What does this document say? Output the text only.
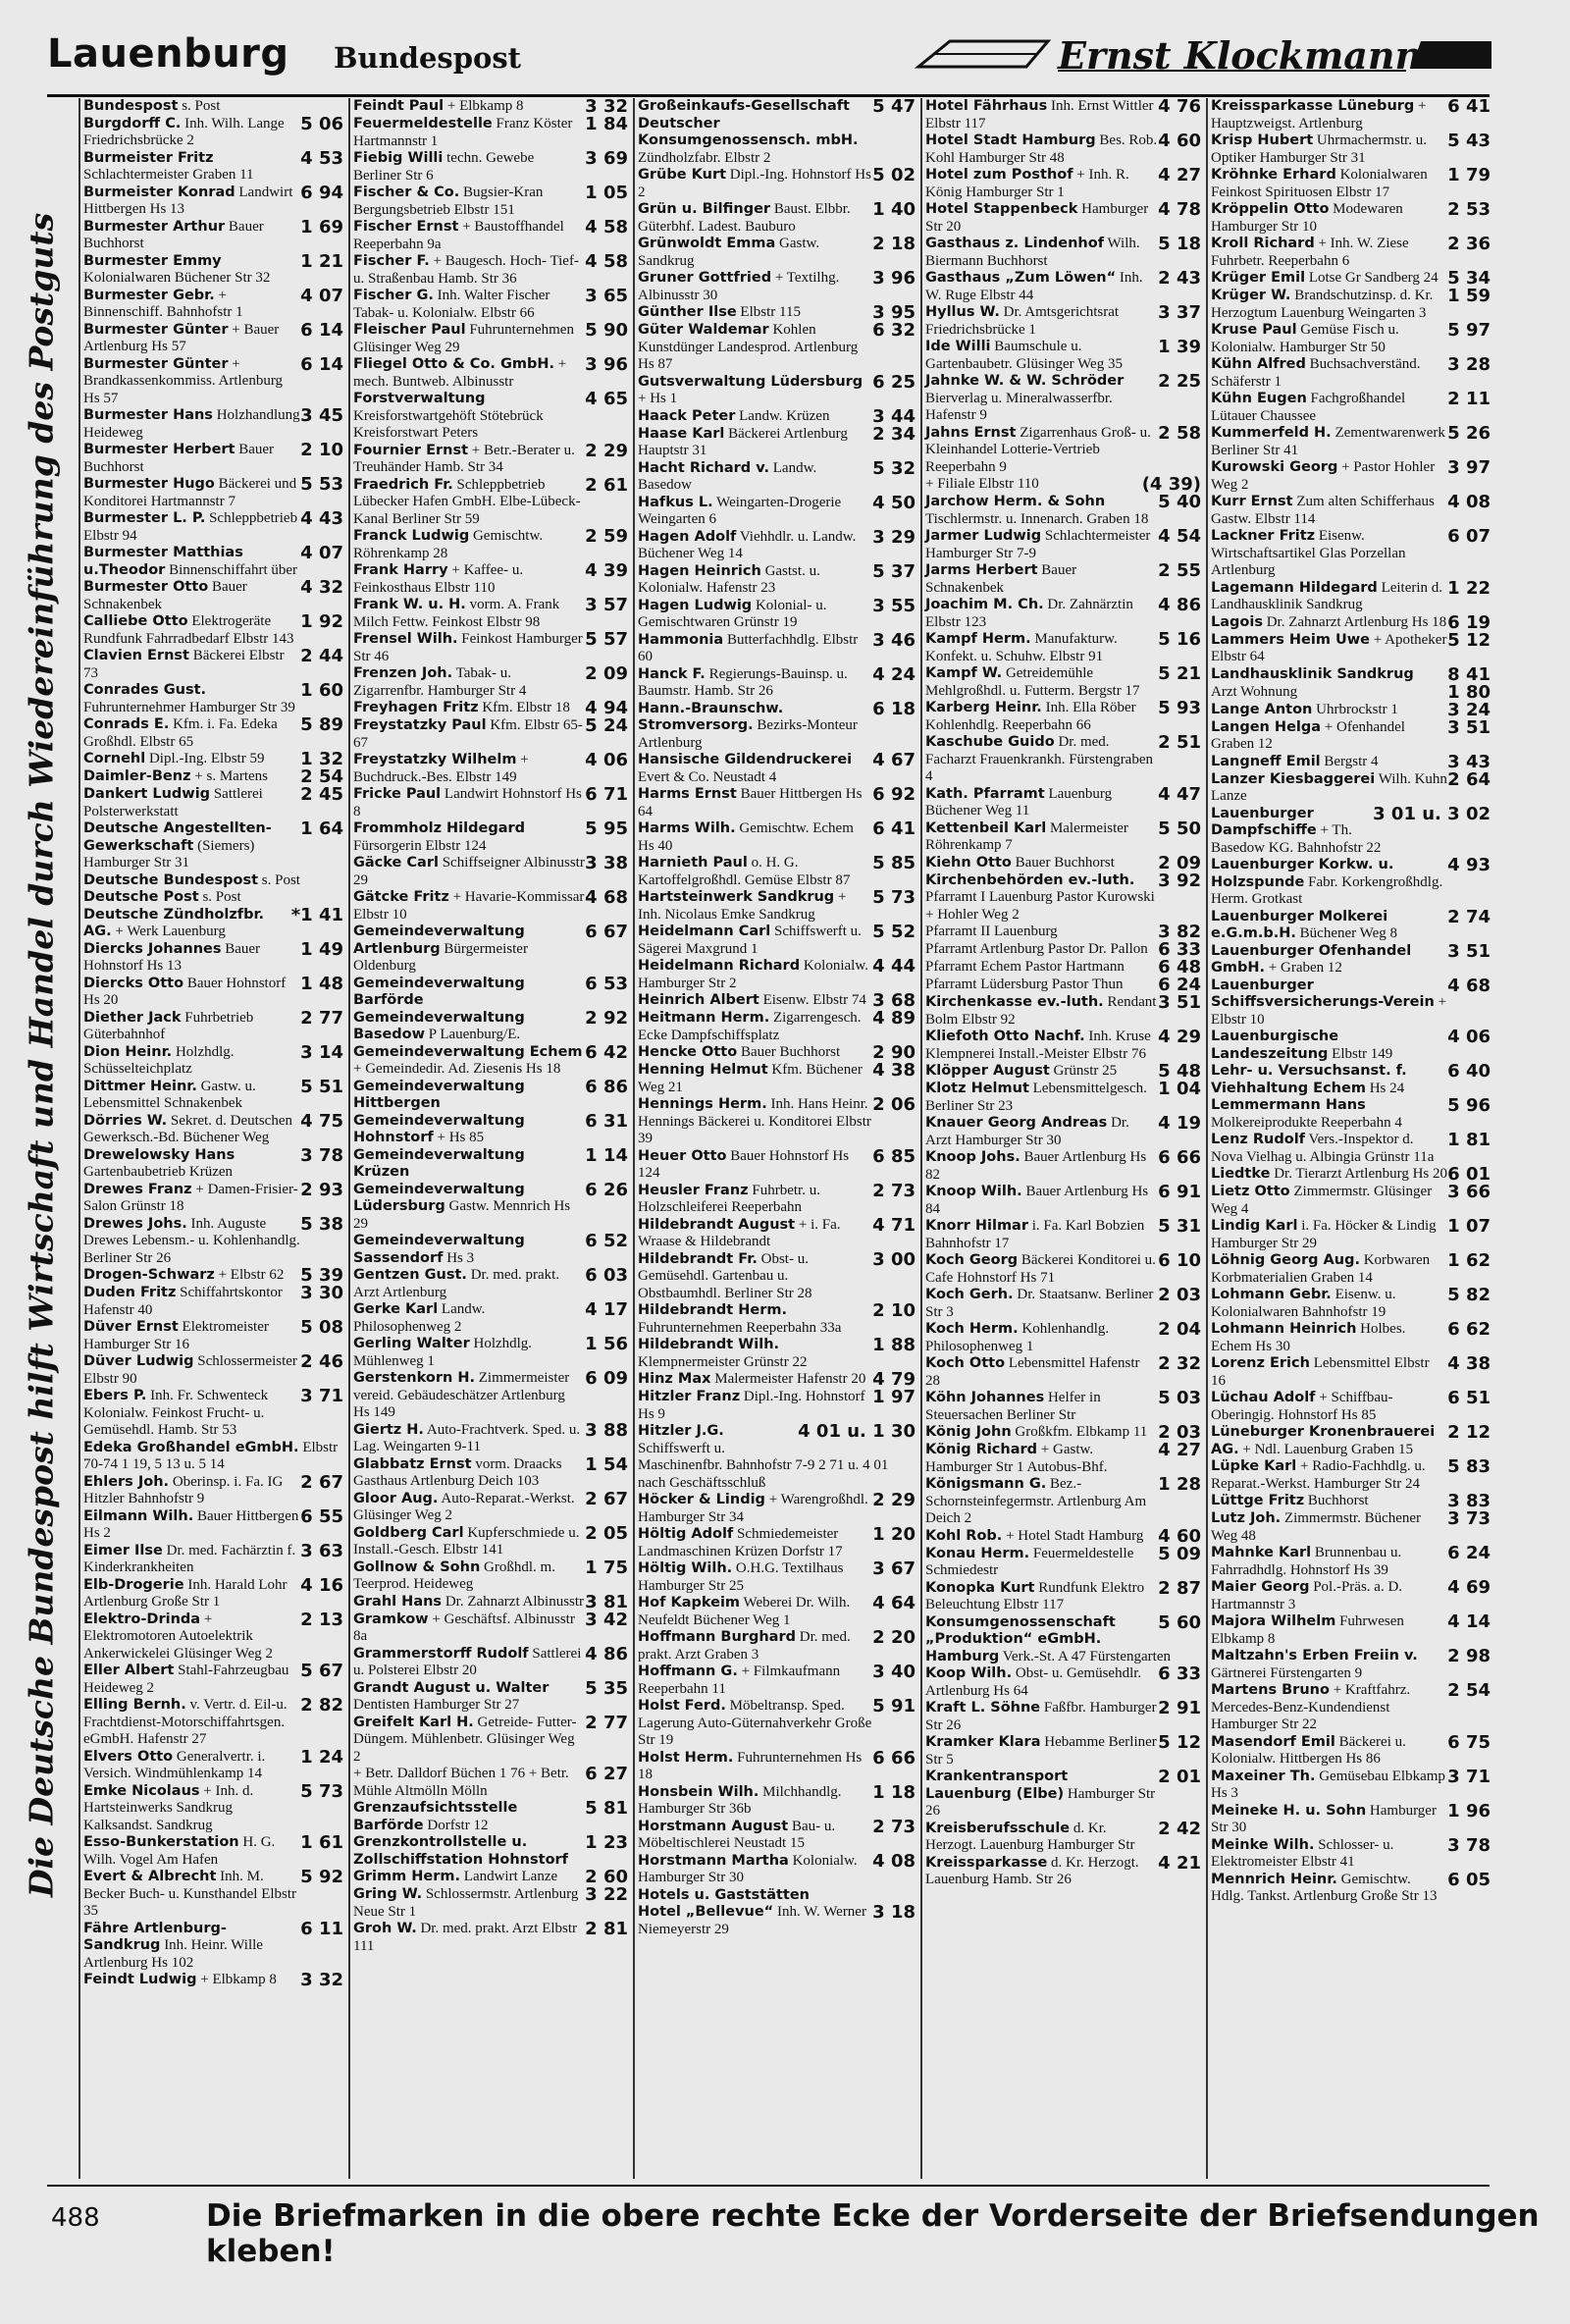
Lauenburg Bundespost	Ernst Klockmann
Die Deutsche Bundespost hilft Wirtschaft und Handel durch Wiedereinführung des Postguts
Bundespost s. Post
5 06
Burgdorff C. Inh. Wilh. Lange Friedrichsbrücke 2
4 53
Burmeister Fritz Schlachtermeister Graben 11
6 94
Burmeister Konrad Landwirt Hittbergen Hs 13
1 69
Burmester Arthur Bauer Buchhorst
1 21
Burmester Emmy Kolonialwaren Büchener Str 32
4 07
Burmester Gebr. + Binnenschiff. Bahnhofstr 1
6 14
Burmester Günter + Bauer Artlenburg Hs 57
6 14
Burmester Günter + Brandkassenkommiss. Artlenburg Hs 57
3 45
Burmester Hans Holzhandlung Heideweg
2 10
Burmester Herbert Bauer Buchhorst
5 53
Burmester Hugo Bäckerei und Konditorei Hartmannstr 7
4 43
Burmester L. P. Schleppbetrieb Elbstr 94
4 07
Burmester Matthias u.Theodor Binnenschiffahrt über
4 32
Burmester Otto Bauer Schnakenbek
1 92
Calliebe Otto Elektrogeräte Rundfunk Fahrradbedarf Elbstr 143
2 44
Clavien Ernst Bäckerei Elbstr 73
1 60
Conrades Gust. Fuhrunternehmer Hamburger Str 39
5 89
Conrads E. Kfm. i. Fa. Edeka Großhdl. Elbstr 65
1 32
Cornehl Dipl.-Ing. Elbstr 59
2 54
Daimler-Benz + s. Martens
2 45
Dankert Ludwig Sattlerei Polsterwerkstatt
1 64
Deutsche Angestellten-Gewerkschaft (Siemers) Hamburger Str 31
Deutsche Bundespost s. Post
Deutsche Post s. Post
*1 41
Deutsche Zündholzfbr. AG. + Werk Lauenburg
1 49
Diercks Johannes Bauer Hohnstorf Hs 13
1 48
Diercks Otto Bauer Hohnstorf Hs 20
2 77
Diether Jack Fuhrbetrieb Güterbahnhof
3 14
Dion Heinr. Holzhdlg. Schüsselteichplatz
5 51
Dittmer Heinr. Gastw. u. Lebensmittel Schnakenbek
4 75
Dörries W. Sekret. d. Deutschen Gewerksch.-Bd. Büchener Weg
3 78
Drewelowsky Hans Gartenbaubetrieb Krüzen
2 93
Drewes Franz + Damen-Frisier-Salon Grünstr 18
5 38
Drewes Johs. Inh. Auguste Drewes Lebensm.- u. Kohlenhandlg. Berliner Str 26
5 39
Drogen-Schwarz + Elbstr 62
3 30
Duden Fritz Schiffahrtskontor Hafenstr 40
5 08
Düver Ernst Elektromeister Hamburger Str 16
2 46
Düver Ludwig Schlossermeister Elbstr 90
3 71
Ebers P. Inh. Fr. Schwenteck Kolonialw. Feinkost Frucht- u. Gemüsehdl. Hamb. Str 53
Edeka Großhandel eGmbH. Elbstr 70-74 1 19, 5 13 u. 5 14
2 67
Ehlers Joh. Oberinsp. i. Fa. IG Hitzler Bahnhofstr 9
6 55
Eilmann Wilh. Bauer Hittbergen Hs 2
3 63
Eimer Ilse Dr. med. Fachärztin f. Kinderkrankheiten
4 16
Elb-Drogerie Inh. Harald Lohr Artlenburg Große Str 1
2 13
Elektro-Drinda + Elektromotoren Autoelektrik Ankerwickelei Glüsinger Weg 2
5 67
Eller Albert Stahl-Fahrzeugbau Heideweg 2
2 82
Elling Bernh. v. Vertr. d. Eil-u. Frachtdienst-Motorschiffahrtsgen. eGmbH. Hafenstr 27
1 24
Elvers Otto Generalvertr. i. Versich. Windmühlenkamp 14
5 73
Emke Nicolaus + Inh. d. Hartsteinwerks Sandkrug Kalksandst. Sandkrug
1 61
Esso-Bunkerstation H. G. Wilh. Vogel Am Hafen
5 92
Evert & Albrecht Inh. M. Becker Buch- u. Kunsthandel Elbstr 35
6 11
Fähre Artlenburg-Sandkrug Inh. Heinr. Wille Artlenburg Hs 102
3 32
Feindt Ludwig + Elbkamp 8
3 32
Feindt Paul + Elbkamp 8
1 84
Feuermeldestelle Franz Köster Hartmannstr 1
3 69
Fiebig Willi techn. Gewebe Berliner Str 6
1 05
Fischer & Co. Bugsier-Kran Bergungsbetrieb Elbstr 151
4 58
Fischer Ernst + Baustoffhandel Reeperbahn 9a
4 58
Fischer F. + Baugesch. Hoch- Tief-u. Straßenbau Hamb. Str 36
3 65
Fischer G. Inh. Walter Fischer Tabak- u. Kolonialw. Elbstr 66
5 90
Fleischer Paul Fuhrunternehmen Glüsinger Weg 29
3 96
Fliegel Otto & Co. GmbH. + mech. Buntweb. Albinusstr
4 65
Forstverwaltung Kreisforstwartgehöft Stötebrück Kreisforstwart Peters
2 29
Fournier Ernst + Betr.-Berater u. Treuhänder Hamb. Str 34
2 61
Fraedrich Fr. Schleppbetrieb Lübecker Hafen GmbH. Elbe-Lübeck-Kanal Berliner Str 59
2 59
Franck Ludwig Gemischtw. Röhrenkamp 28
4 39
Frank Harry + Kaffee- u. Feinkosthaus Elbstr 110
3 57
Frank W. u. H. vorm. A. Frank Milch Fettw. Feinkost Elbstr 98
5 57
Frensel Wilh. Feinkost Hamburger Str 46
2 09
Frenzen Joh. Tabak- u. Zigarrenfbr. Hamburger Str 4
4 94
Freyhagen Fritz Kfm. Elbstr 18
5 24
Freystatzky Paul Kfm. Elbstr 65-67
4 06
Freystatzky Wilhelm + Buchdruck.-Bes. Elbstr 149
6 71
Fricke Paul Landwirt Hohnstorf Hs 8
5 95
Frommholz Hildegard Fürsorgerin Elbstr 124
3 38
Gäcke Carl Schiffseigner Albinusstr 29
4 68
Gätcke Fritz + Havarie-Kommissar Elbstr 10
6 67
Gemeindeverwaltung Artlenburg Bürgermeister Oldenburg
6 53
Gemeindeverwaltung Barförde
2 92
Gemeindeverwaltung Basedow P Lauenburg/E.
6 42
Gemeindeverwaltung Echem + Gemeindedir. Ad. Ziesenis Hs 18
6 86
Gemeindeverwaltung Hittbergen
6 31
Gemeindeverwaltung Hohnstorf + Hs 85
1 14
Gemeindeverwaltung Krüzen
6 26
Gemeindeverwaltung Lüdersburg Gastw. Mennrich Hs 29
6 52
Gemeindeverwaltung Sassendorf Hs 3
6 03
Gentzen Gust. Dr. med. prakt. Arzt Artlenburg
4 17
Gerke Karl Landw. Philosophenweg 2
1 56
Gerling Walter Holzhdlg. Mühlenweg 1
6 09
Gerstenkorn H. Zimmermeister vereid. Gebäudeschätzer Artlenburg Hs 149
3 88
Giertz H. Auto-Frachtverk. Sped. u. Lag. Weingarten 9-11
1 54
Glabbatz Ernst vorm. Draacks Gasthaus Artlenburg Deich 103
2 67
Gloor Aug. Auto-Reparat.-Werkst. Glüsinger Weg 2
2 05
Goldberg Carl Kupferschmiede u. Install.-Gesch. Elbstr 141
1 75
Gollnow & Sohn Großhdl. m. Teerprod. Heideweg
3 81
Grahl Hans Dr. Zahnarzt Albinusstr
3 42
Gramkow + Geschäftsf. Albinusstr 8a
4 86
Grammerstorff Rudolf Sattlerei u. Polsterei Elbstr 20
5 35
Grandt August u. Walter Dentisten Hamburger Str 27
2 77
Greifelt Karl H. Getreide- Futter-Düngem. Mühlenbetr. Glüsinger Weg 2
6 27
+ Betr. Dalldorf Büchen 1 76 + Betr. Mühle Altmölln Mölln
5 81
Grenzaufsichtsstelle Barförde Dorfstr 12
1 23
Grenzkontrollstelle u. Zollschiffstation Hohnstorf
2 60
Grimm Herm. Landwirt Lanze
3 22
Gring W. Schlossermstr. Artlenburg Neue Str 1
2 81
Groh W. Dr. med. prakt. Arzt Elbstr 111
5 47
Großeinkaufs-Gesellschaft Deutscher Konsumgenossensch. mbH. Zündholzfabr. Elbstr 2
5 02
Grübe Kurt Dipl.-Ing. Hohnstorf Hs 2
1 40
Grün u. Bilfinger Baust. Elbbr. Güterbhf. Ladest. Bauburo
2 18
Grünwoldt Emma Gastw. Sandkrug
3 96
Gruner Gottfried + Textilhg. Albinusstr 30
3 95
Günther Ilse Elbstr 115
6 32
Güter Waldemar Kohlen Kunstdünger Landesprod. Artlenburg Hs 87
6 25
Gutsverwaltung Lüdersburg + Hs 1
3 44
Haack Peter Landw. Krüzen
2 34
Haase Karl Bäckerei Artlenburg Hauptstr 31
5 32
Hacht Richard v. Landw. Basedow
4 50
Hafkus L. Weingarten-Drogerie Weingarten 6
3 29
Hagen Adolf Viehhdlr. u. Landw. Büchener Weg 14
5 37
Hagen Heinrich Gastst. u. Kolonialw. Hafenstr 23
3 55
Hagen Ludwig Kolonial- u. Gemischtwaren Grünstr 19
3 46
Hammonia Butterfachhdlg. Elbstr 60
4 24
Hanck F. Regierungs-Bauinsp. u. Baumstr. Hamb. Str 26
6 18
Hann.-Braunschw. Stromversorg. Bezirks-Monteur Artlenburg
4 67
Hansische Gildendruckerei Evert & Co. Neustadt 4
6 92
Harms Ernst Bauer Hittbergen Hs 64
6 41
Harms Wilh. Gemischtw. Echem Hs 40
5 85
Harnieth Paul o. H. G. Kartoffelgroßhdl. Gemüse Elbstr 87
5 73
Hartsteinwerk Sandkrug + Inh. Nicolaus Emke Sandkrug
5 52
Heidelmann Carl Schiffswerft u. Sägerei Maxgrund 1
4 44
Heidelmann Richard Kolonialw. Hamburger Str 2
3 68
Heinrich Albert Eisenw. Elbstr 74
4 89
Heitmann Herm. Zigarrengesch. Ecke Dampfschiffsplatz
2 90
Hencke Otto Bauer Buchhorst
4 38
Henning Helmut Kfm. Büchener Weg 21
2 06
Hennings Herm. Inh. Hans Heinr. Hennings Bäckerei u. Konditorei Elbstr 39
6 85
Heuer Otto Bauer Hohnstorf Hs 124
2 73
Heusler Franz Fuhrbetr. u. Holzschleiferei Reeperbahn
4 71
Hildebrandt August + i. Fa. Wraase & Hildebrandt
3 00
Hildebrandt Fr. Obst- u. Gemüsehdl. Gartenbau u. Obstbaumhdl. Berliner Str 28
2 10
Hildebrandt Herm. Fuhrunternehmen Reeperbahn 33a
1 88
Hildebrandt Wilh. Klempnermeister Grünstr 22
4 79
Hinz Max Malermeister Hafenstr 20
1 97
Hitzler Franz Dipl.-Ing. Hohnstorf Hs 9
4 01 u. 1 30
Hitzler J.G. Schiffswerft u. Maschinenfbr. Bahnhofstr 7-9 2 71 u. 4 01 nach Geschäftsschluß
2 29
Höcker & Lindig + Warengroßhdl. Hamburger Str 34
1 20
Höltig Adolf Schmiedemeister Landmaschinen Krüzen Dorfstr 17
3 67
Höltig Wilh. O.H.G. Textilhaus Hamburger Str 25
4 64
Hof Kapkeim Weberei Dr. Wilh. Neufeldt Büchener Weg 1
2 20
Hoffmann Burghard Dr. med. prakt. Arzt Graben 3
3 40
Hoffmann G. + Filmkaufmann Reeperbahn 11
5 91
Holst Ferd. Möbeltransp. Sped. Lagerung Auto-Güternahverkehr Große Str 19
6 66
Holst Herm. Fuhrunternehmen Hs 18
1 18
Honsbein Wilh. Milchhandlg. Hamburger Str 36b
2 73
Horstmann August Bau- u. Möbeltischlerei Neustadt 15
4 08
Horstmann Martha Kolonialw. Hamburger Str 30
Hotels u. Gaststätten
3 18
Hotel „Bellevue“ Inh. W. Werner Niemeyerstr 29
4 76
Hotel Fährhaus Inh. Ernst Wittler Elbstr 117
4 60
Hotel Stadt Hamburg Bes. Rob. Kohl Hamburger Str 48
4 27
Hotel zum Posthof + Inh. R. König Hamburger Str 1
4 78
Hotel Stappenbeck Hamburger Str 20
5 18
Gasthaus z. Lindenhof Wilh. Biermann Buchhorst
2 43
Gasthaus „Zum Löwen“ Inh. W. Ruge Elbstr 44
3 37
Hyllus W. Dr. Amtsgerichtsrat Friedrichsbrücke 1
1 39
Ide Willi Baumschule u. Gartenbaubetr. Glüsinger Weg 35
2 25
Jahnke W. & W. Schröder Bierverlag u. Mineralwasserfbr. Hafenstr 9
2 58
Jahns Ernst Zigarrenhaus Groß- u. Kleinhandel Lotterie-Vertrieb Reeperbahn 9
(4 39)
+ Filiale Elbstr 110
5 40
Jarchow Herm. & Sohn Tischlermstr. u. Innenarch. Graben 18
4 54
Jarmer Ludwig Schlachtermeister Hamburger Str 7-9
2 55
Jarms Herbert Bauer Schnakenbek
4 86
Joachim M. Ch. Dr. Zahnärztin Elbstr 123
5 16
Kampf Herm. Manufakturw. Konfekt. u. Schuhw. Elbstr 91
5 21
Kampf W. Getreidemühle Mehlgroßhdl. u. Futterm. Bergstr 17
5 93
Karberg Heinr. Inh. Ella Röber Kohlenhdlg. Reeperbahn 66
2 51
Kaschube Guido Dr. med. Facharzt Frauenkrankh. Fürstengraben 4
4 47
Kath. Pfarramt Lauenburg Büchener Weg 11
5 50
Kettenbeil Karl Malermeister Röhrenkamp 7
2 09
Kiehn Otto Bauer Buchhorst
3 92
Kirchenbehörden ev.-luth. Pfarramt I Lauenburg Pastor Kurowski + Hohler Weg 2
3 82
Pfarramt II Lauenburg
6 33
Pfarramt Artlenburg Pastor Dr. Pallon
6 48
Pfarramt Echem Pastor Hartmann
6 24
Pfarramt Lüdersburg Pastor Thun
3 51
Kirchenkasse ev.-luth. Rendant Bolm Elbstr 92
4 29
Kliefoth Otto Nachf. Inh. Kruse Klempnerei Install.-Meister Elbstr 76
5 48
Klöpper August Grünstr 25
1 04
Klotz Helmut Lebensmittelgesch. Berliner Str 23
4 19
Knauer Georg Andreas Dr. Arzt Hamburger Str 30
6 66
Knoop Johs. Bauer Artlenburg Hs 82
6 91
Knoop Wilh. Bauer Artlenburg Hs 84
5 31
Knorr Hilmar i. Fa. Karl Bobzien Bahnhofstr 17
6 10
Koch Georg Bäckerei Konditorei u. Cafe Hohnstorf Hs 71
2 03
Koch Gerh. Dr. Staatsanw. Berliner Str 3
2 04
Koch Herm. Kohlenhandlg. Philosophenweg 1
2 32
Koch Otto Lebensmittel Hafenstr 28
5 03
Köhn Johannes Helfer in Steuersachen Berliner Str
2 03
König John Großkfm. Elbkamp 11
4 27
König Richard + Gastw. Hamburger Str 1 Autobus-Bhf.
1 28
Königsmann G. Bez.-Schornsteinfegermstr. Artlenburg Am Deich 2
4 60
Kohl Rob. + Hotel Stadt Hamburg
5 09
Konau Herm. Feuermeldestelle Schmiedestr
2 87
Konopka Kurt Rundfunk Elektro Beleuchtung Elbstr 117
5 60
Konsumgenossenschaft „Produktion“ eGmbH. Hamburg Verk.-St. A 47 Fürstengarten
6 33
Koop Wilh. Obst- u. Gemüsehdlr. Artlenburg Hs 64
2 91
Kraft L. Söhne Faßfbr. Hamburger Str 26
5 12
Kramker Klara Hebamme Berliner Str 5
2 01
Krankentransport Lauenburg (Elbe) Hamburger Str 26
2 42
Kreisberufsschule d. Kr. Herzogt. Lauenburg Hamburger Str
4 21
Kreissparkasse d. Kr. Herzogt. Lauenburg Hamb. Str 26
6 41
Kreissparkasse Lüneburg + Hauptzweigst. Artlenburg
5 43
Krisp Hubert Uhrmachermstr. u. Optiker Hamburger Str 31
1 79
Kröhnke Erhard Kolonialwaren Feinkost Spirituosen Elbstr 17
2 53
Kröppelin Otto Modewaren Hamburger Str 10
2 36
Kroll Richard + Inh. W. Ziese Fuhrbetr. Reeperbahn 6
5 34
Krüger Emil Lotse Gr Sandberg 24
1 59
Krüger W. Brandschutzinsp. d. Kr. Herzogtum Lauenburg Weingarten 3
5 97
Kruse Paul Gemüse Fisch u. Kolonialw. Hamburger Str 50
3 28
Kühn Alfred Buchsachverständ. Schäferstr 1
2 11
Kühn Eugen Fachgroßhandel Lütauer Chaussee
5 26
Kummerfeld H. Zementwarenwerk Berliner Str 41
3 97
Kurowski Georg + Pastor Hohler Weg 2
4 08
Kurr Ernst Zum alten Schifferhaus Gastw. Elbstr 114
6 07
Lackner Fritz Eisenw. Wirtschaftsartikel Glas Porzellan Artlenburg
1 22
Lagemann Hildegard Leiterin d. Landhausklinik Sandkrug
6 19
Lagois Dr. Zahnarzt Artlenburg Hs 18
5 12
Lammers Heim Uwe + Apotheker Elbstr 64
8 41
Landhausklinik Sandkrug
1 80
Arzt Wohnung
3 24
Lange Anton Uhrbrockstr 1
3 51
Langen Helga + Ofenhandel Graben 12
3 43
Langneff Emil Bergstr 4
2 64
Lanzer Kiesbaggerei Wilh. Kuhn Lanze
3 01 u. 3 02
Lauenburger Dampfschiffe + Th. Basedow KG. Bahnhofstr 22
4 93
Lauenburger Korkw. u. Holzspunde Fabr. Korkengroßhdlg. Herm. Grotkast
2 74
Lauenburger Molkerei e.G.m.b.H. Büchener Weg 8
3 51
Lauenburger Ofenhandel GmbH. + Graben 12
4 68
Lauenburger Schiffsversicherungs-Verein + Elbstr 10
4 06
Lauenburgische Landeszeitung Elbstr 149
6 40
Lehr- u. Versuchsanst. f. Viehhaltung Echem Hs 24
5 96
Lemmermann Hans Molkereiprodukte Reeperbahn 4
1 81
Lenz Rudolf Vers.-Inspektor d. Nova Vielhag u. Albingia Grünstr 11a
6 01
Liedtke Dr. Tierarzt Artlenburg Hs 20
3 66
Lietz Otto Zimmermstr. Glüsinger Weg 4
1 07
Lindig Karl i. Fa. Höcker & Lindig Hamburger Str 29
1 62
Löhnig Georg Aug. Korbwaren Korbmaterialien Graben 14
5 82
Lohmann Gebr. Eisenw. u. Kolonialwaren Bahnhofstr 19
6 62
Lohmann Heinrich Holbes. Echem Hs 30
4 38
Lorenz Erich Lebensmittel Elbstr 16
6 51
Lüchau Adolf + Schiffbau-Oberingig. Hohnstorf Hs 85
2 12
Lüneburger Kronenbrauerei AG. + Ndl. Lauenburg Graben 15
5 83
Lüpke Karl + Radio-Fachhdlg. u. Reparat.-Werkst. Hamburger Str 24
3 83
Lüttge Fritz Buchhorst
3 73
Lutz Joh. Zimmermstr. Büchener Weg 48
6 24
Mahnke Karl Brunnenbau u. Fahrradhdlg. Hohnstorf Hs 39
4 69
Maier Georg Pol.-Präs. a. D. Hartmannstr 3
4 14
Majora Wilhelm Fuhrwesen Elbkamp 8
2 98
Maltzahn's Erben Freiin v. Gärtnerei Fürstengarten 9
2 54
Martens Bruno + Kraftfahrz. Mercedes-Benz-Kundendienst Hamburger Str 22
6 75
Masendorf Emil Bäckerei u. Kolonialw. Hittbergen Hs 86
3 71
Maxeiner Th. Gemüsebau Elbkamp Hs 3
1 96
Meineke H. u. Sohn Hamburger Str 30
3 78
Meinke Wilh. Schlosser- u. Elektromeister Elbstr 41
6 05
Mennrich Heinr. Gemischtw. Hdlg. Tankst. Artlenburg Große Str 13
488	Die Briefmarken in die obere rechte Ecke der Vorderseite der Briefsendungen kleben!
